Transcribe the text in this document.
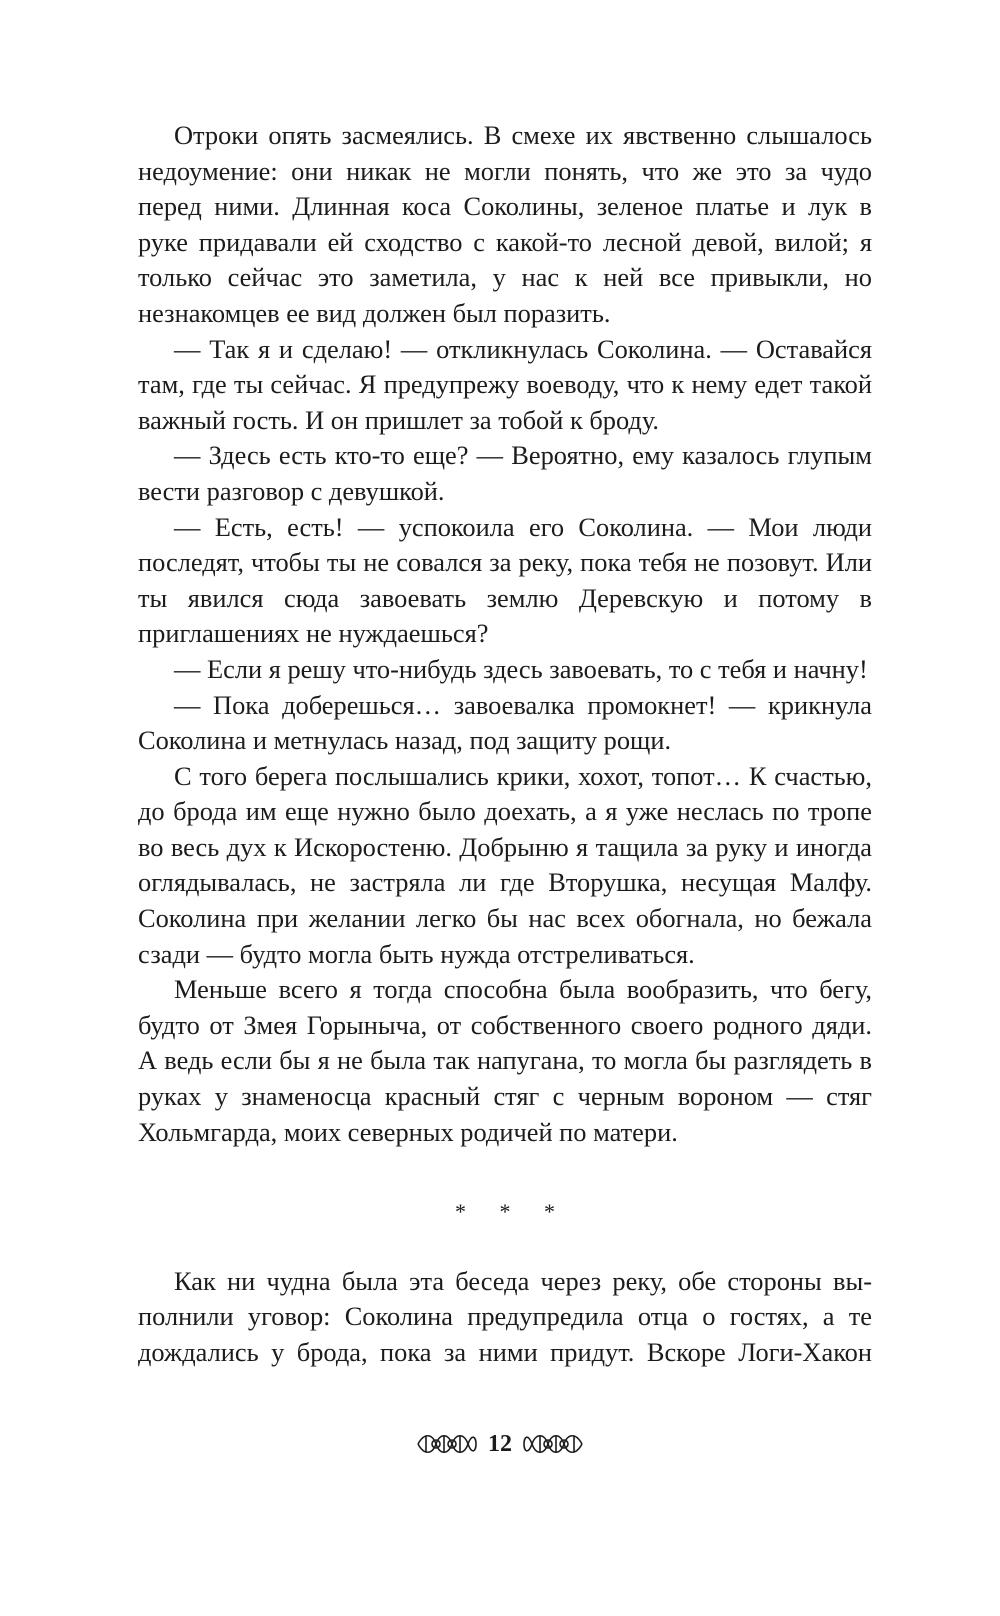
Отроки опять засмеялись. В смехе их явственно слышалось недоумение: они никак не могли понять, что же это за чудо перед ними. Длинная коса Соколины, зеленое платье и лук в руке придавали ей сходство с какой-то лесной девой, вилой; я только сейчас это заметила, у нас к ней все привыкли, но незнакомцев ее вид должен был поразить.

— Так я и сделаю! — откликнулась Соколина. — Оставайся там, где ты сейчас. Я предупрежу воеводу, что к нему едет такой важный гость. И он пришлет за тобой к броду.

— Здесь есть кто-то еще? — Вероятно, ему казалось глупым вести разговор с девушкой.

— Есть, есть! — успокоила его Соколина. — Мои люди последят, чтобы ты не совался за реку, пока тебя не позовут. Или ты явился сюда завоевать землю Деревскую и потому в приглашениях не нуждаешься?

— Если я решу что-нибудь здесь завоевать, то с тебя и начну!

— Пока доберешься… завоевалка промокнет! — крикнула Соколина и метнулась назад, под защиту рощи.

С того берега послышались крики, хохот, топот… К счастью, до брода им еще нужно было доехать, а я уже неслась по тропе во весь дух к Искоростеню. Добрыню я тащила за руку и иногда оглядывалась, не застряла ли где Вторушка, несущая Малфу. Соколина при желании легко бы нас всех обогнала, но бежала сзади — будто могла быть нужда отстреливаться.

Меньше всего я тогда способна была вообразить, что бегу, будто от Змея Горыныча, от собственного своего родного дяди. А ведь если бы я не была так напугана, то могла бы разглядеть в руках у знаменосца красный стяг с черным вороном — стяг Хольмгарда, моих северных родичей по матери.

* * *

Как ни чудна была эта беседа через реку, обе стороны выполнили уговор: Соколина предупредила отца о гостях, а те дождались у брода, пока за ними придут. Вскоре Логи-Хакон

12
